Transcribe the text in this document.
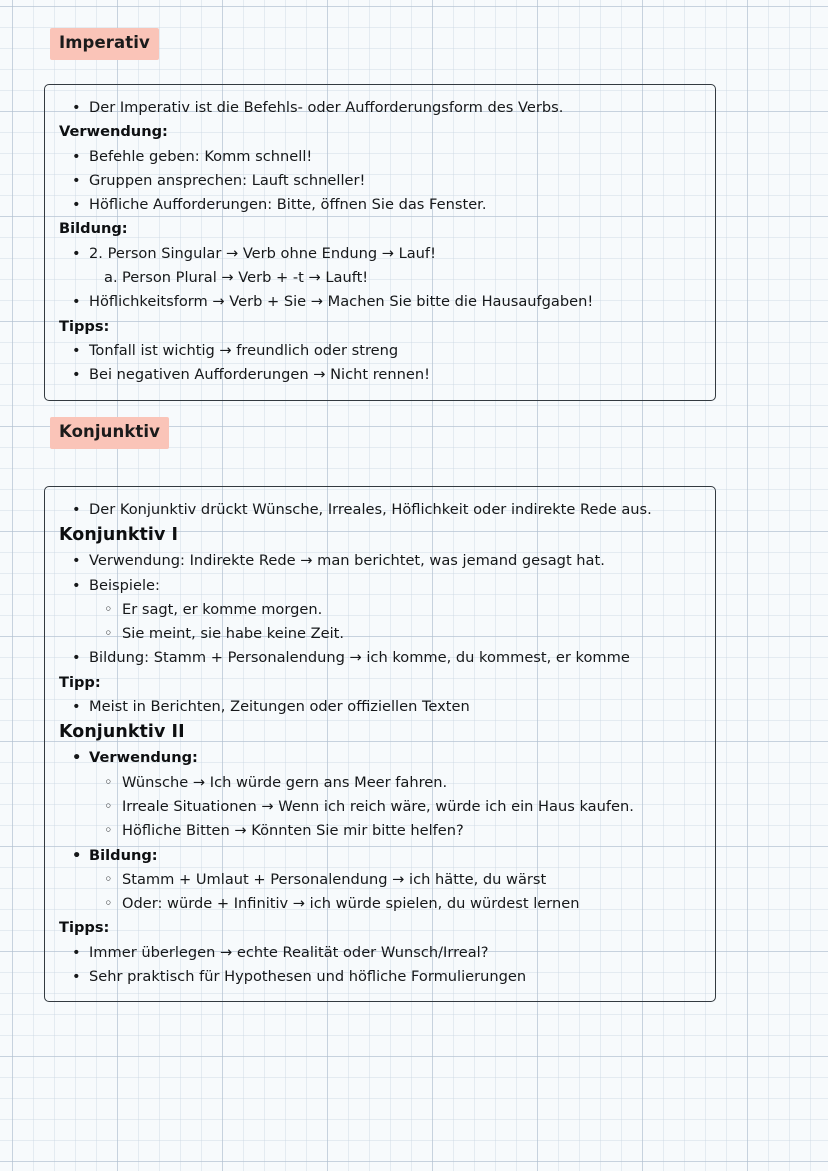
Imperativ
• Der Imperativ ist die Befehls- oder Aufforderungsform des Verbs.
Verwendung:
• Befehle geben: Komm schnell!
• Gruppen ansprechen: Lauft schneller!
• Höfliche Aufforderungen: Bitte, öffnen Sie das Fenster.
Bildung:
• 2. Person Singular → Verb ohne Endung → Lauf!
a. Person Plural → Verb + -t → Lauft!
• Höflichkeitsform → Verb + Sie → Machen Sie bitte die Hausaufgaben!
Tipps:
• Tonfall ist wichtig → freundlich oder streng
• Bei negativen Aufforderungen → Nicht rennen!
Konjunktiv
• Der Konjunktiv drückt Wünsche, Irreales, Höflichkeit oder indirekte Rede aus.
Konjunktiv I
• Verwendung: Indirekte Rede → man berichtet, was jemand gesagt hat.
• Beispiele:
◦ Er sagt, er komme morgen.
◦ Sie meint, sie habe keine Zeit.
• Bildung: Stamm + Personalendung → ich komme, du kommest, er komme
Tipp:
• Meist in Berichten, Zeitungen oder offiziellen Texten
Konjunktiv II
• Verwendung:
◦ Wünsche → Ich würde gern ans Meer fahren.
◦ Irreale Situationen → Wenn ich reich wäre, würde ich ein Haus kaufen.
◦ Höfliche Bitten → Könnten Sie mir bitte helfen?
• Bildung:
◦ Stamm + Umlaut + Personalendung → ich hätte, du wärst
◦ Oder: würde + Infinitiv → ich würde spielen, du würdest lernen
Tipps:
• Immer überlegen → echte Realität oder Wunsch/Irreal?
• Sehr praktisch für Hypothesen und höfliche Formulierungen
